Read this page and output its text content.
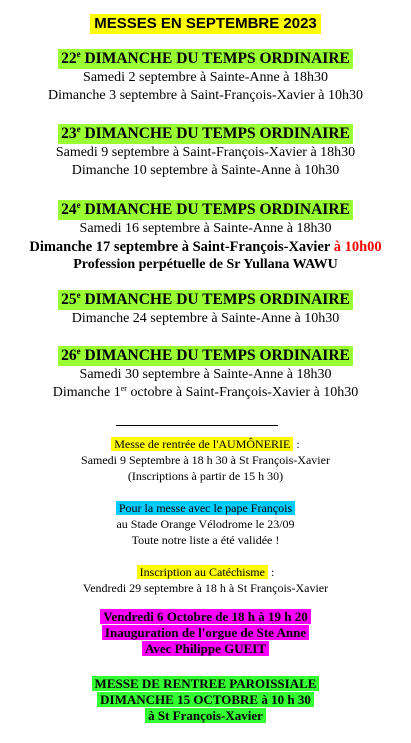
MESSES EN SEPTEMBRE 2023
22e DIMANCHE DU TEMPS ORDINAIRE
Samedi 2 septembre à Sainte-Anne à 18h30
Dimanche 3 septembre à Saint-François-Xavier à 10h30
23e DIMANCHE DU TEMPS ORDINAIRE
Samedi 9 septembre à Saint-François-Xavier à 18h30
Dimanche 10 septembre à Sainte-Anne à 10h30
24e DIMANCHE DU TEMPS ORDINAIRE
Samedi 16 septembre à Sainte-Anne à 18h30
Dimanche 17 septembre à Saint-François-Xavier à 10h00
Profession perpétuelle de Sr Yullana WAWU
25e DIMANCHE DU TEMPS ORDINAIRE
Dimanche 24 septembre à Sainte-Anne à 10h30
26e DIMANCHE DU TEMPS ORDINAIRE
Samedi 30 septembre à Sainte-Anne à 18h30
Dimanche 1er octobre à Saint-François-Xavier à 10h30
Messe de rentrée de l'AUMÔNERIE :
Samedi 9 Septembre à 18 h 30 à St François-Xavier
(Inscriptions à partir de 15 h 30)
Pour la messe avec le pape François
au Stade Orange Vélodrome le 23/09
Toute notre liste a été validée !
Inscription au Catéchisme :
Vendredi 29 septembre à 18 h à St François-Xavier
Vendredi 6 Octobre de 18 h à 19 h 20
Inauguration de l'orgue de Ste Anne
Avec Philippe GUEIT
MESSE DE RENTREE PAROISSIALE
DIMANCHE 15 OCTOBRE à 10 h 30
à St François-Xavier
